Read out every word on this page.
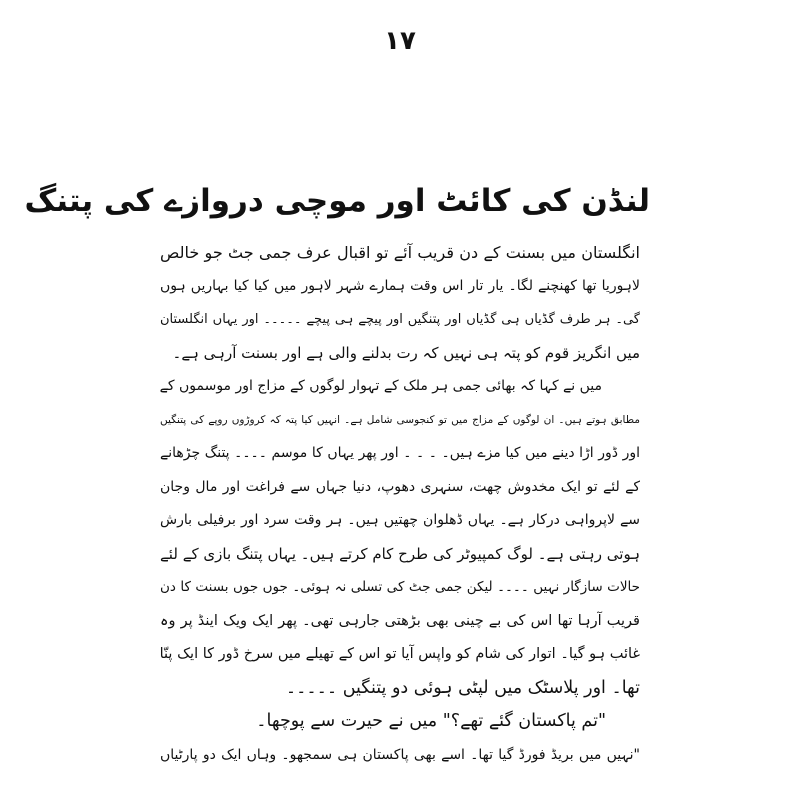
۱۷
لنڈن کی کائٹ اور موچی دروازے کی پتنگ
انگلستان میں بسنت کے دن قریب آئے تو اقبال عرف جمی جٹ جو خالص
لاہوریا تھا کھنچنے لگا۔ یار تار اس وقت ہمارے شہر لاہور میں کیا کیا بہاریں ہوں
گی۔ ہر طرف گڈیاں ہی گڈیاں اور پتنگیں اور پیچے ہی پیچے ۔۔۔۔۔ اور یہاں انگلستان
میں انگریز قوم کو پتہ ہی نہیں کہ رت بدلنے والی ہے اور بسنت آرہی ہے۔
میں نے کہا کہ بھائی جمی ہر ملک کے تہوار لوگوں کے مزاج اور موسموں کے
مطابق ہوتے ہیں۔ ان لوگوں کے مزاج میں تو کنجوسی شامل ہے۔ انہیں کیا پتہ کہ کروڑوں روپے کی پتنگیں
اور ڈور اڑا دینے میں کیا مزے ہیں۔ ۔ ۔ ۔ اور پھر یہاں کا موسم ۔۔۔۔ پتنگ چڑھانے
کے لئے تو ایک مخدوش چھت، سنہری دھوپ، دنیا جہاں سے فراغت اور مال وجان
سے لاپرواہی درکار ہے۔ یہاں ڈھلوان چھتیں ہیں۔ ہر وقت سرد اور برفیلی بارش
ہوتی رہتی ہے۔ لوگ کمپیوٹر کی طرح کام کرتے ہیں۔ یہاں پتنگ بازی کے لئے
حالات سازگار نہیں ۔۔۔۔ لیکن جمی جٹ کی تسلی نہ ہوئی۔ جوں جوں بسنت کا دن
قریب آرہا تھا اس کی بے چینی بھی بڑھتی جارہی تھی۔ پھر ایک ویک اینڈ پر وہ
غائب ہو گیا۔ اتوار کی شام کو واپس آیا تو اس کے تھیلے میں سرخ ڈور کا ایک پنّا
تھا۔ اور پلاسٹک میں لپٹی ہوئی دو پتنگیں ۔۔۔۔۔
"تم پاکستان گئے تھے؟" میں نے حیرت سے پوچھا۔
"نہیں میں بریڈ فورڈ گیا تھا۔ اسے بھی پاکستان ہی سمجھو۔ وہاں ایک دو پارٹیاں
